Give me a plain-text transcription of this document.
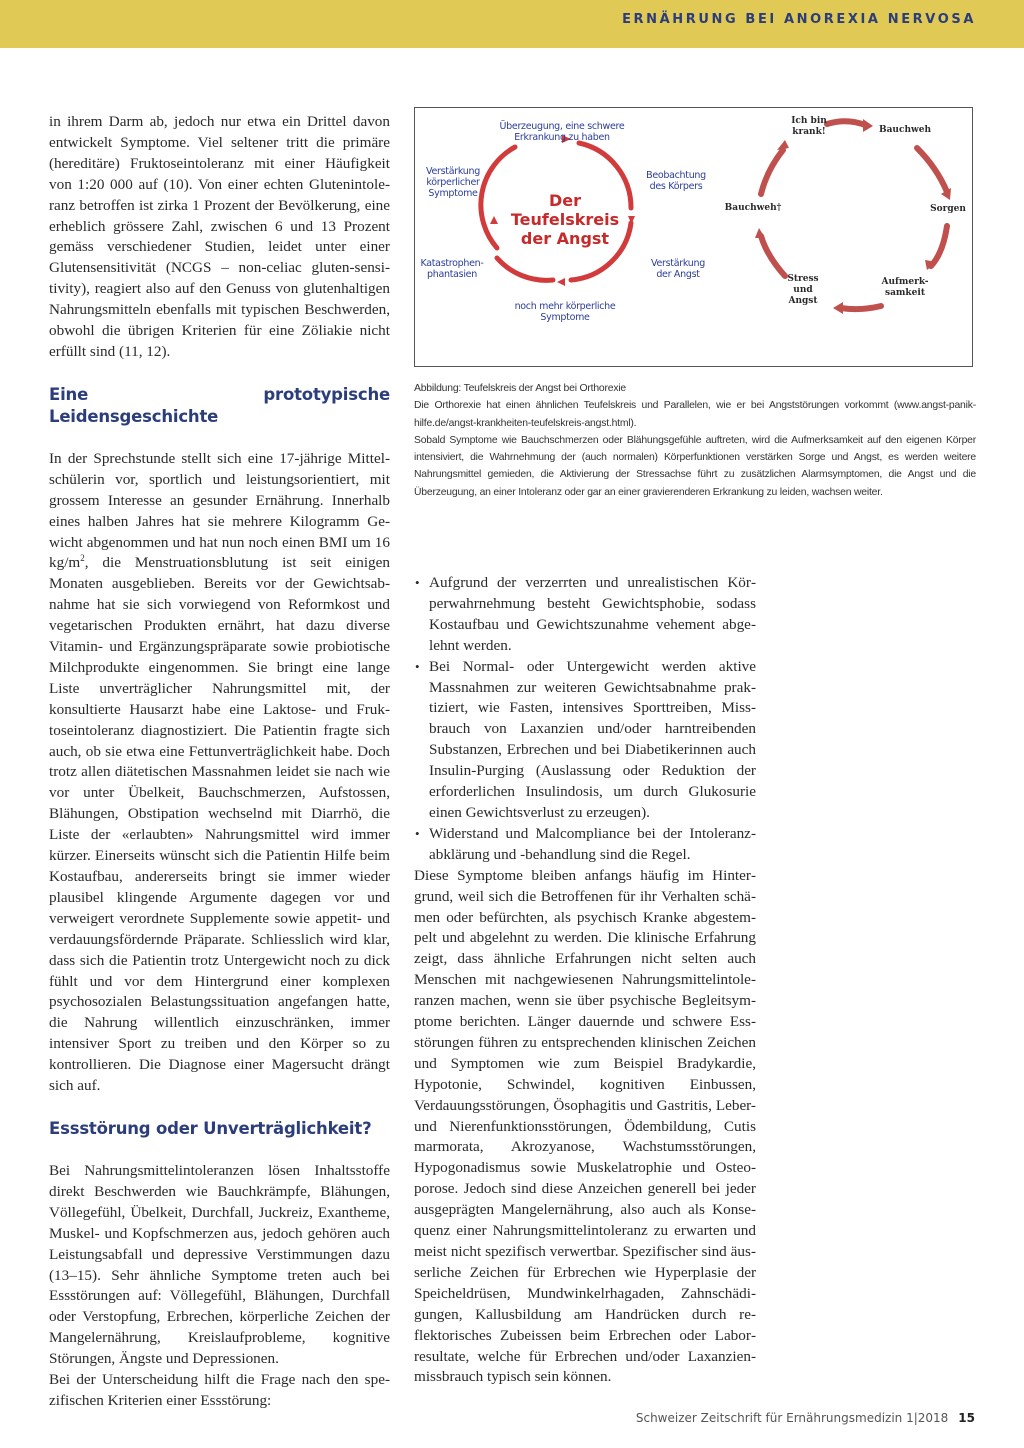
ERNÄHRUNG BEI ANOREXIA NERVOSA

in ihrem Darm ab, jedoch nur etwa ein Drittel davon entwickelt Symptome. Viel seltener tritt die primäre (hereditäre) Fruktoseintoleranz mit einer Häufigkeit von 1:20 000 auf (10). Von einer echten Glutenintoleranz betroffen ist zirka 1 Prozent der Bevölkerung, eine erheblich grössere Zahl, zwischen 6 und 13 Prozent gemäss verschiedener Studien, leidet unter einer Glutensensitivität (NCGS – non-celiac gluten-sensitivity), reagiert also auf den Genuss von glutenhaltigen Nahrungsmitteln ebenfalls mit typischen Beschwerden, obwohl die übrigen Kriterien für eine Zöliakie nicht erfüllt sind (11, 12).

Eine prototypische Leidensgeschichte

In der Sprechstunde stellt sich eine 17-jährige Mittelschülerin vor, sportlich und leistungsorientiert, mit grossem Interesse an gesunder Ernährung. Innerhalb eines halben Jahres hat sie mehrere Kilogramm Gewicht abgenommen und hat nun noch einen BMI um 16 $kg/m^2$, die Menstruationsblutung ist seit einigen Monaten ausgeblieben. Bereits vor der Gewichtsabnahme hat sie sich vorwiegend von Reformkost und vegetarischen Produkten ernährt, hat dazu diverse Vitamin- und Ergänzungspräparate sowie probiotische Milchprodukte eingenommen. Sie bringt eine lange Liste unverträglicher Nahrungsmittel mit, der konsultierte Hausarzt habe eine Laktose- und Fruktoseintoleranz diagnostiziert. Die Patientin fragte sich auch, ob sie etwa eine Fettunverträglichkeit habe. Doch trotz allen diätetischen Massnahmen leidet sie nach wie vor unter Übelkeit, Bauchschmerzen, Aufstossen, Blähungen, Obstipation wechselnd mit Diarrhö, die Liste der «erlaubten» Nahrungsmittel wird immer kürzer. Einerseits wünscht sich die Patientin Hilfe beim Kostaufbau, andererseits bringt sie immer wieder plausibel klingende Argumente dagegen vor und verweigert verordnete Supplemente sowie appetit- und verdauungsfördernde Präparate. Schliesslich wird klar, dass sich die Patientin trotz Untergewicht noch zu dick fühlt und vor dem Hintergrund einer komplexen psychosozialen Belastungssituation angefangen hatte, die Nahrung willentlich einzuschränken, immer intensiver Sport zu treiben und den Körper so zu kontrollieren. Die Diagnose einer Magersucht drängt sich auf.

Essstörung oder Unverträglichkeit?

Bei Nahrungsmittelintoleranzen lösen Inhaltsstoffe direkt Beschwerden wie Bauchkrämpfe, Blähungen, Völlegefühl, Übelkeit, Durchfall, Juckreiz, Exantheme, Muskel- und Kopfschmerzen aus, jedoch gehören auch Leistungsabfall und depressive Verstimmungen dazu (13–15). Sehr ähnliche Symptome treten auch bei Essstörungen auf: Völlegefühl, Blähungen, Durchfall oder Verstopfung, Erbrechen, körperliche Zeichen der Mangelernährung, Kreislaufprobleme, kognitive Störungen, Ängste und Depressionen.

Bei der Unterscheidung hilft die Frage nach den spezifischen Kriterien einer Essstörung:

Der
Teufelskreis
der Angst
Überzeugung, eine schwere
Erkrankung zu haben
Beobachtung
des Körpers
Verstärkung
der Angst
noch mehr körperliche
Symptome
Katastrophen-
phantasien
Verstärkung
körperlicher
Symptome
Ich bin
krank!	Bauchweh
Sorgen
Aufmerk-
samkeit
Stress
und
Angst
Bauchweh†

Abbildung: Teufelskreis der Angst bei Orthorexie

Die Orthorexie hat einen ähnlichen Teufelskreis und Parallelen, wie er bei Angststörungen vorkommt (www.angst-panik-hilfe.de/angst-krankheiten-teufelskreis-angst.html).

Sobald Symptome wie Bauchschmerzen oder Blähungsgefühle auftreten, wird die Aufmerksamkeit auf den eigenen Körper intensiviert, die Wahrnehmung der (auch normalen) Körperfunktionen verstärken Sorge und Angst, es werden weitere Nahrungsmittel gemieden, die Aktivierung der Stressachse führt zu zusätzlichen Alarmsymptomen, die Angst und die Überzeugung, an einer Intoleranz oder gar an einer gravierenderen Erkrankung zu leiden, wachsen weiter.

• Aufgrund der verzerrten und unrealistischen Körperwahrnehmung besteht Gewichtsphobie, sodass Kostaufbau und Gewichtszunahme vehement abgelehnt werden.
• Bei Normal- oder Untergewicht werden aktive Massnahmen zur weiteren Gewichtsabnahme praktiziert, wie Fasten, intensives Sporttreiben, Missbrauch von Laxanzien und/oder harntreibenden Substanzen, Erbrechen und bei Diabetikerinnen auch Insulin-Purging (Auslassung oder Reduktion der erforderlichen Insulindosis, um durch Glukosurie einen Gewichtsverlust zu erzeugen).
• Widerstand und Malcompliance bei der Intoleranzabklärung und -behandlung sind die Regel.

Diese Symptome bleiben anfangs häufig im Hintergrund, weil sich die Betroffenen für ihr Verhalten schämen oder befürchten, als psychisch Kranke abgestempelt und abgelehnt zu werden. Die klinische Erfahrung zeigt, dass ähnliche Erfahrungen nicht selten auch Menschen mit nachgewiesenen Nahrungsmittelintoleranzen machen, wenn sie über psychische Begleitsymptome berichten. Länger dauernde und schwere Essstörungen führen zu entsprechenden klinischen Zeichen und Symptomen wie zum Beispiel Bradykardie, Hypotonie, Schwindel, kognitiven Einbussen, Verdauungsstörungen, Ösophagitis und Gastritis, Leber- und Nierenfunktionsstörungen, Ödembildung, Cutis marmorata, Akrozyanose, Wachstumsstörungen, Hypogonadismus sowie Muskelatrophie und Osteoporose. Jedoch sind diese Anzeichen generell bei jeder ausgeprägten Mangelernährung, also auch als Konsequenz einer Nahrungsmittelintoleranz zu erwarten und meist nicht spezifisch verwertbar. Spezifischer sind äusserliche Zeichen für Erbrechen wie Hyperplasie der Speicheldrüsen, Mundwinkelrhagaden, Zahnschädigungen, Kallusbildung am Handrücken durch reflektorisches Zubeissen beim Erbrechen oder Laborresultate, welche für Erbrechen und/oder Laxanzienmissbrauch typisch sein können.

Schweizer Zeitschrift für Ernährungsmedizin 1|2018 15
